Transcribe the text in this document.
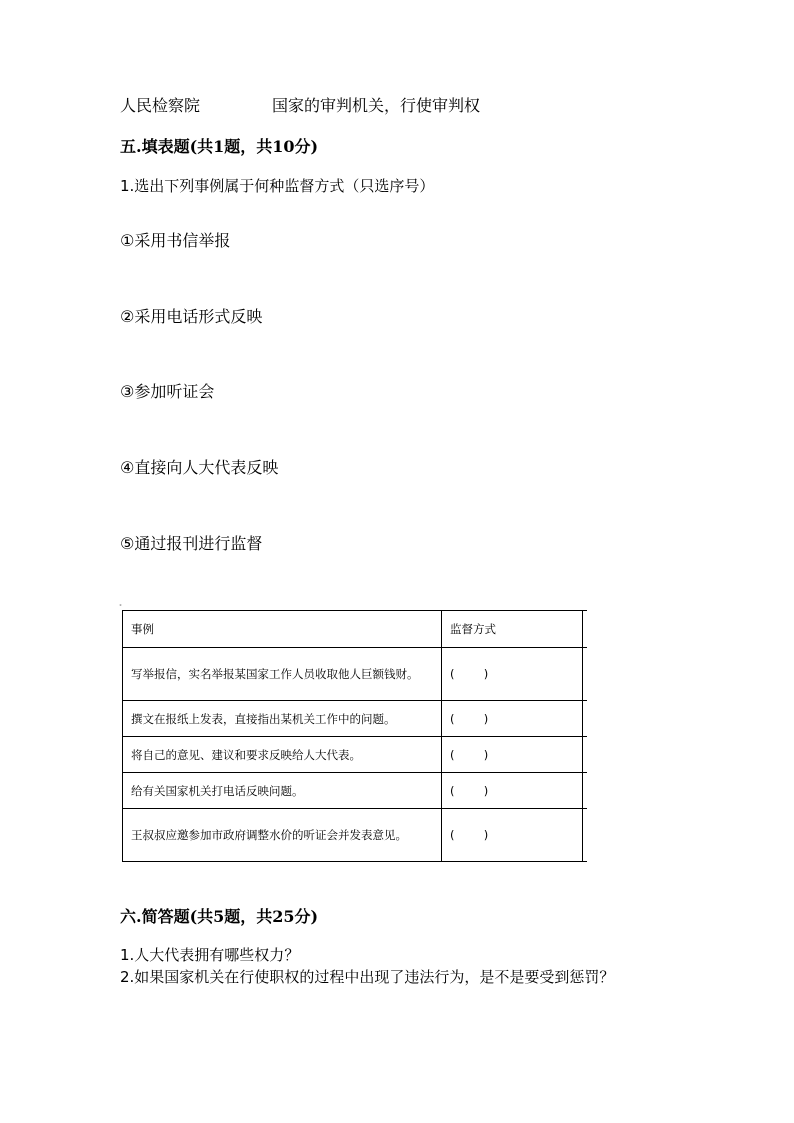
人民检察院	国家的审判机关，行使审判权
五.填表题(共1题，共10分)
1.选出下列事例属于何种监督方式（只选序号）
①采用书信举报
②采用电话形式反映
③参加听证会
④直接向人大代表反映
⑤通过报刊进行监督
˚
事例	监督方式	
写举报信，实名举报某国家工作人员收取他人巨额钱财。	(        )	
撰文在报纸上发表，直接指出某机关工作中的问题。	(        )	
将自己的意见、建议和要求反映给人大代表。	(        )	
给有关国家机关打电话反映问题。	(        )	
王叔叔应邀参加市政府调整水价的听证会并发表意见。	(        )	
六.简答题(共5题，共25分)
1.人大代表拥有哪些权力？
2.如果国家机关在行使职权的过程中出现了违法行为，是不是要受到惩罚？
